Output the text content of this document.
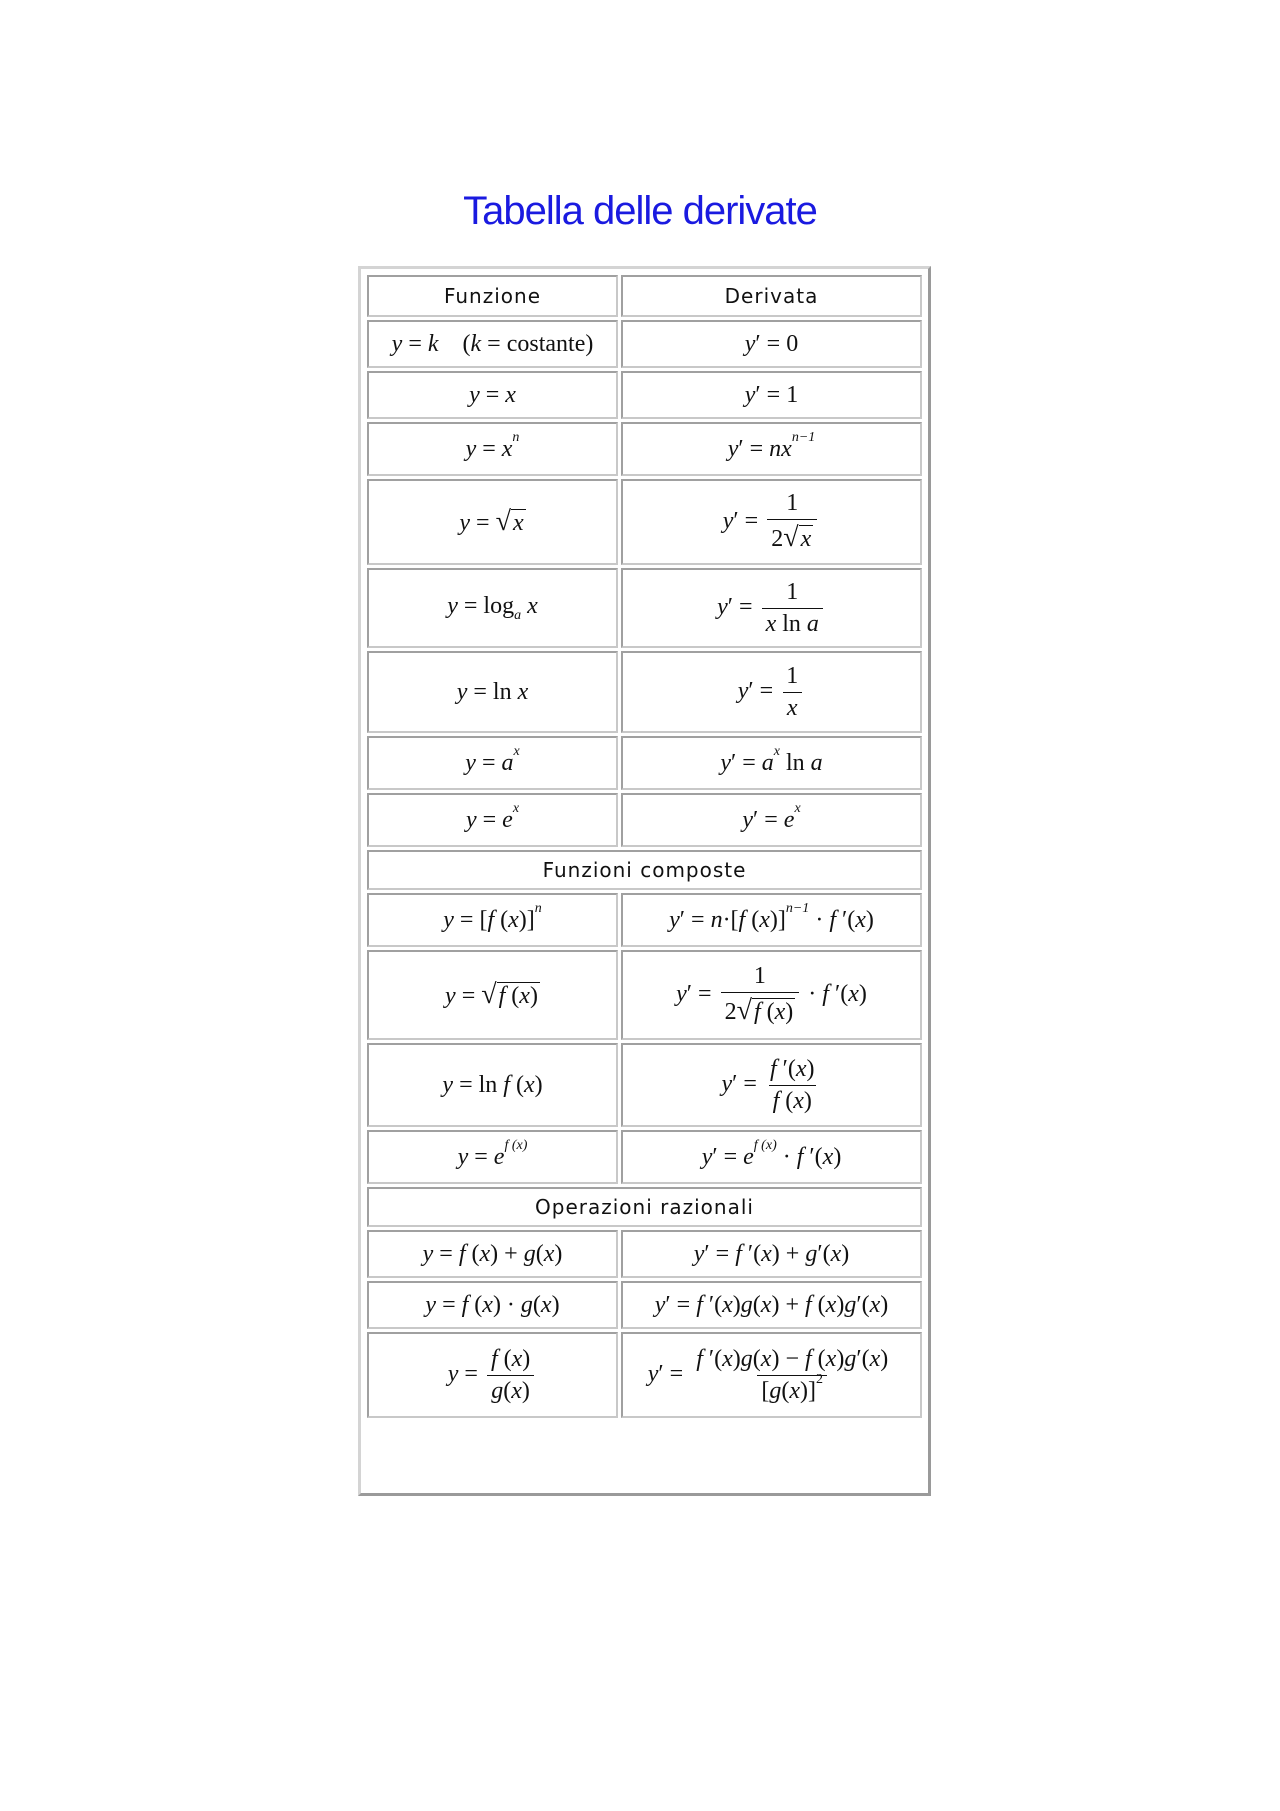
Tabella delle derivate
Funzione	Derivata
y = k    (k = costante)	y′ = 0
y = x	y′ = 1
$y = x^n$	$y' = nx^{n-1}$
y = √x	$y' = \frac{1}{2√x}$

$y = \log_a x$	$y' = \frac{1}{\text{x ln a}}$

y = ln x	$y' = \frac{1}{x}$

$y = a^x$	$y' = a^x$ ln a
$y = e^x$	$y' = e^x$
Funzioni composte	
y = [f (x)]$^n$	y′ = n·[f (x)]$^{n-1}$ · f ′(x)
y = √f (x)	$y' = \frac{1}{2√f (x)} \cdot f$ ′(x)
y = ln f (x)	$y' = \frac{f '(x)}{f (x)}$

$y = e^{f (x)}$	$y' = e^{f (x)} \cdot f$ ′(x)
Operazioni razionali	
y = f (x) + g(x)	y′ = f ′(x) + g′(x)
y = f (x) · g(x)	y′ = f ′(x)g(x) + f (x)g′(x)
$y = \frac{f (x)}{g(x)}$	$y' = \frac{f '(x)g(x) - f (x)g'(x)}{[g(x)]^2}$
